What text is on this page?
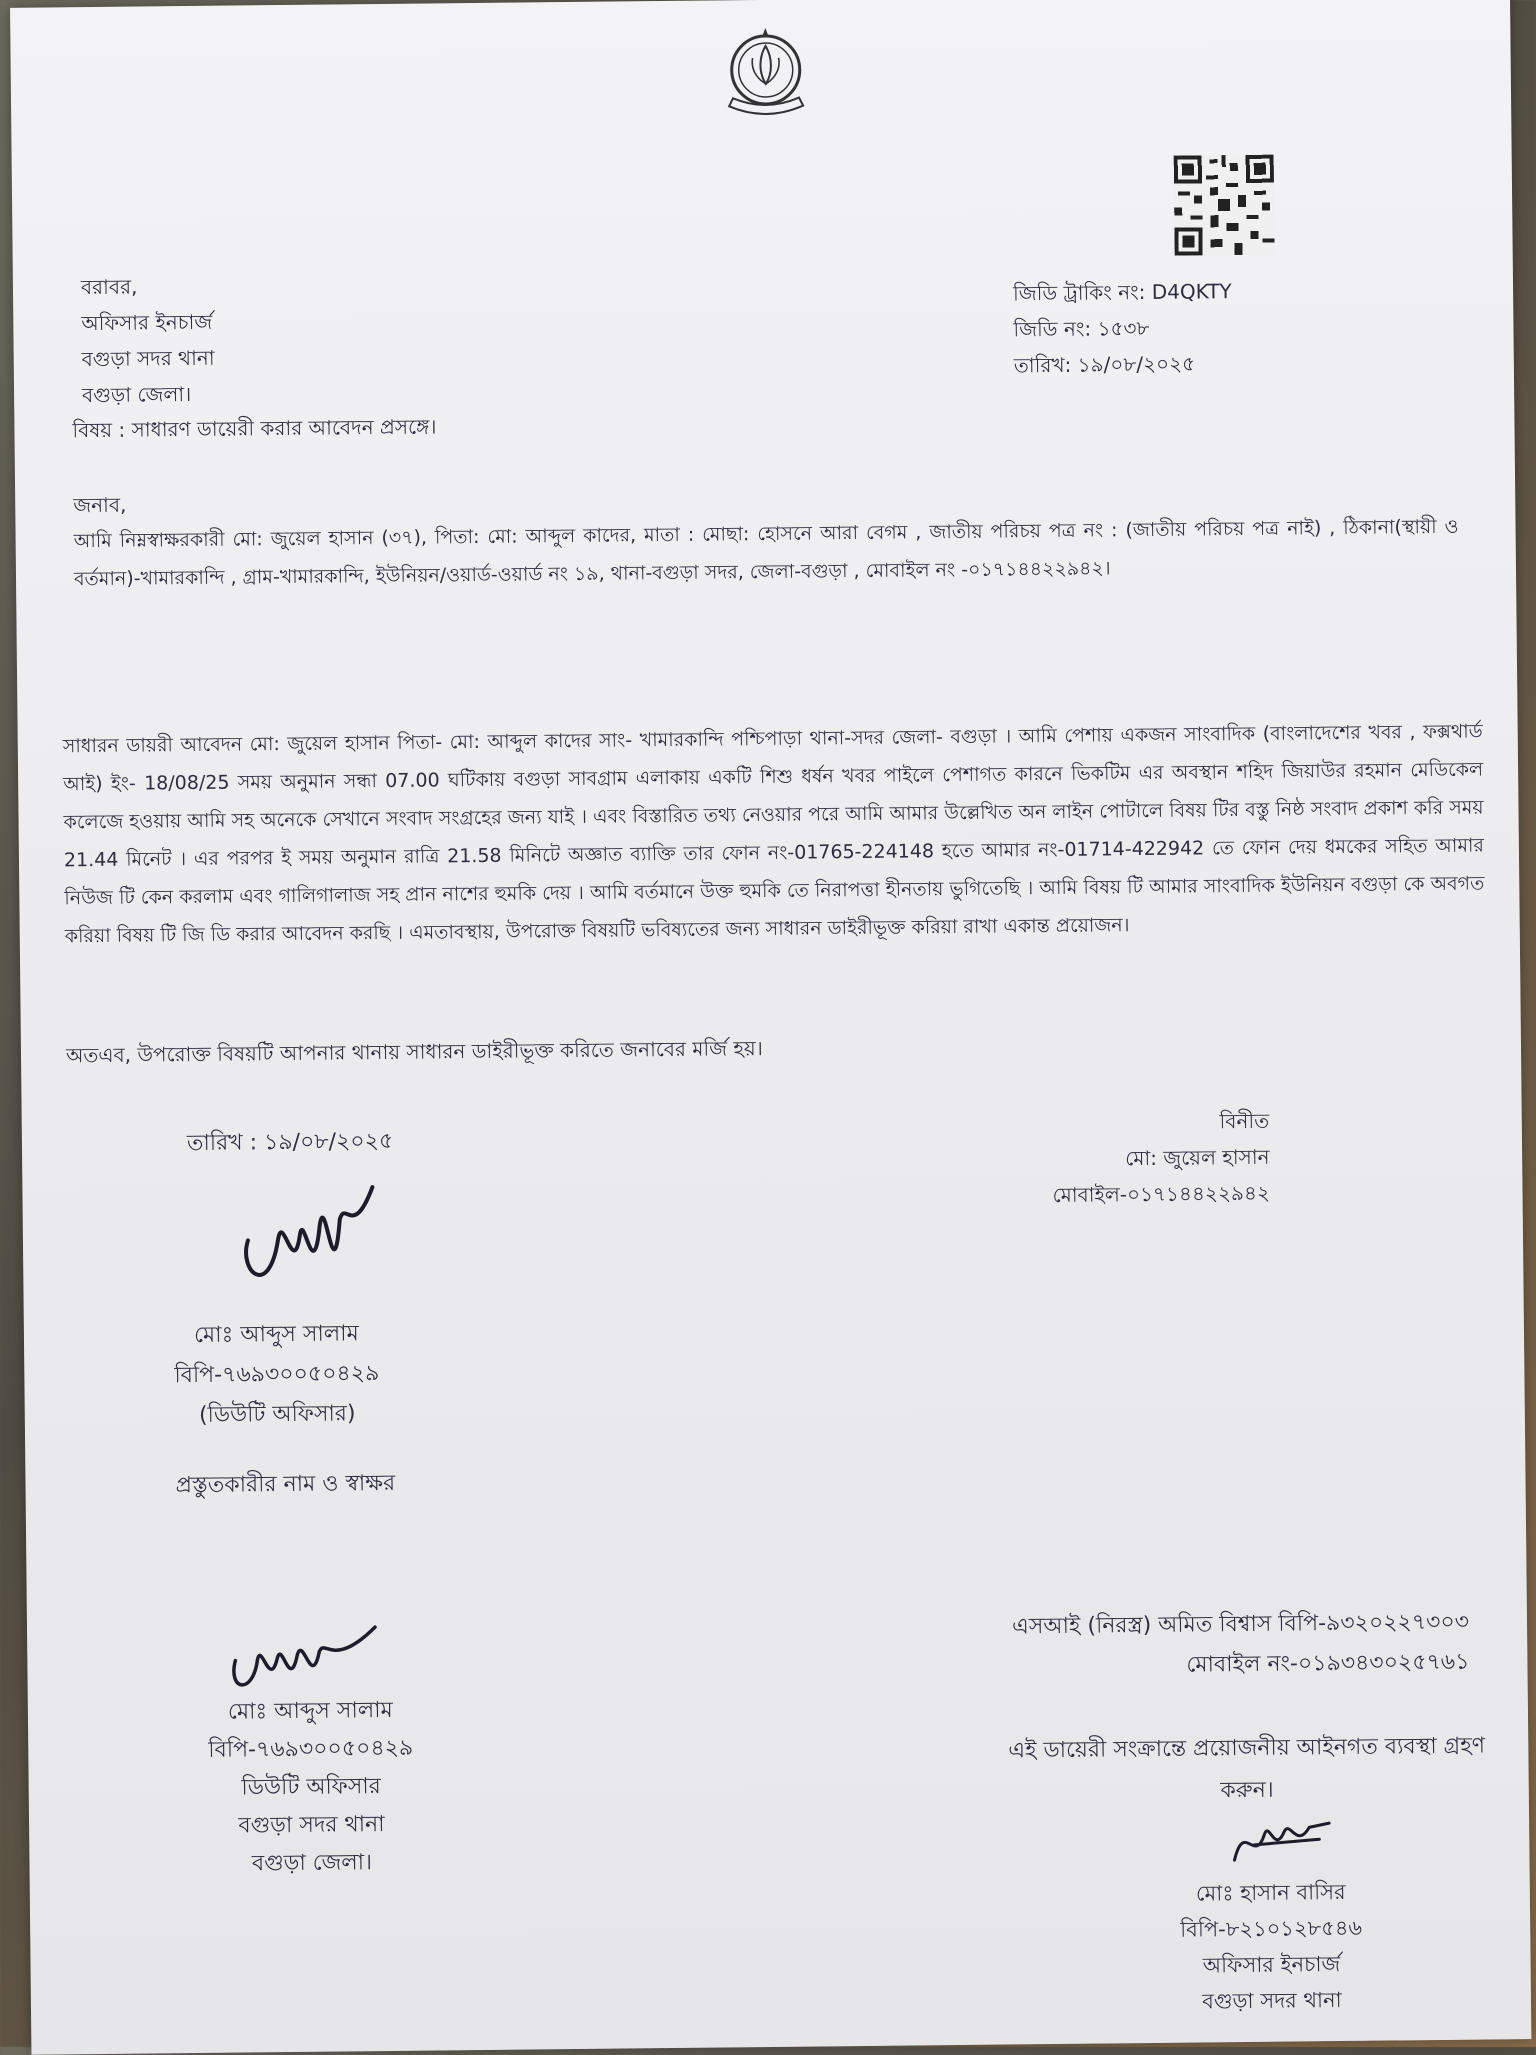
বরাবর,
অফিসার ইনচার্জ
বগুড়া সদর থানা
বগুড়া জেলা।
জিডি ট্রাকিং নং: D4QKTY
জিডি নং: ১৫৩৮
তারিখ: ১৯/০৮/২০২৫
বিষয় : সাধারণ ডায়েরী করার আবেদন প্রসঙ্গে।
জনাব,

আমি নিম্নস্বাক্ষরকারী মো: জুয়েল হাসান (৩৭), পিতা: মো: আব্দুল কাদের, মাতা : মোছা: হোসনে আরা বেগম , জাতীয় পরিচয় পত্র নং : (জাতীয় পরিচয় পত্র নাই) , ঠিকানা(স্থায়ী ও বর্তমান)-খামারকান্দি , গ্রাম-খামারকান্দি, ইউনিয়ন/ওয়ার্ড-ওয়ার্ড নং ১৯, থানা-বগুড়া সদর, জেলা-বগুড়া , মোবাইল নং -০১৭১৪৪২২৯৪২।

সাধারন ডায়রী আবেদন মো: জুয়েল হাসান পিতা- মো: আব্দুল কাদের সাং- খামারকান্দি পশ্চিপাড়া থানা-সদর জেলা- বগুড়া । আমি পেশায় একজন সাংবাদিক (বাংলাদেশের খবর , ফক্সথার্ড আই) ইং- 18/08/25 সময় অনুমান সন্ধা 07.00 ঘটিকায় বগুড়া সাবগ্রাম এলাকায় একটি শিশু ধর্ষন খবর পাইলে পেশাগত কারনে ভিকটিম এর অবস্থান শহিদ জিয়াউর রহমান মেডিকেল কলেজে হওয়ায় আমি সহ অনেকে সেখানে সংবাদ সংগ্রহের জন্য যাই । এবং বিস্তারিত তথ্য নেওয়ার পরে আমি আমার উল্লেখিত অন লাইন পোটালে বিষয় টির বস্তু নিষ্ঠ সংবাদ প্রকাশ করি সময় 21.44 মিনেট । এর পরপর ই সময় অনুমান রাত্রি 21.58 মিনিটে অজ্ঞাত ব্যাক্তি তার ফোন নং-01765-224148 হতে আমার নং-01714-422942 তে ফোন দেয় ধমকের সহিত আমার নিউজ টি কেন করলাম এবং গালিগালাজ সহ প্রান নাশের হুমকি দেয় । আমি বর্তমানে উক্ত হুমকি তে নিরাপত্তা হীনতায় ভুগিতেছি । আমি বিষয় টি আমার সাংবাদিক ইউনিয়ন বগুড়া কে অবগত করিয়া বিষয় টি জি ডি করার আবেদন করছি । এমতাবস্থায়, উপরোক্ত বিষয়টি ভবিষ্যতের জন্য সাধারন ডাইরীভূক্ত করিয়া রাখা একান্ত প্রয়োজন।

অতএব, উপরোক্ত বিষয়টি আপনার থানায় সাধারন ডাইরীভূক্ত করিতে জনাবের মর্জি হয়।
তারিখ : ১৯/০৮/২০২৫
বিনীত
মো: জুয়েল হাসান
মোবাইল-০১৭১৪৪২২৯৪২
মোঃ আব্দুস সালাম
বিপি-৭৬৯৩০০৫০৪২৯
(ডিউটি অফিসার)
প্রস্তুতকারীর নাম ও স্বাক্ষর
মোঃ আব্দুস সালাম
বিপি-৭৬৯৩০০৫০৪২৯
ডিউটি অফিসার
বগুড়া সদর থানা
বগুড়া জেলা।
এসআই (নিরস্ত্র) অমিত বিশ্বাস বিপি-৯৩২০২২৭৩০৩
মোবাইল নং-০১৯৩৪৩০২৫৭৬১
এই ডায়েরী সংক্রান্তে প্রয়োজনীয় আইনগত ব্যবস্থা গ্রহণ
করুন।
মোঃ হাসান বাসির
বিপি-৮২১০১২৮৫৪৬
অফিসার ইনচার্জ
বগুড়া সদর থানা
